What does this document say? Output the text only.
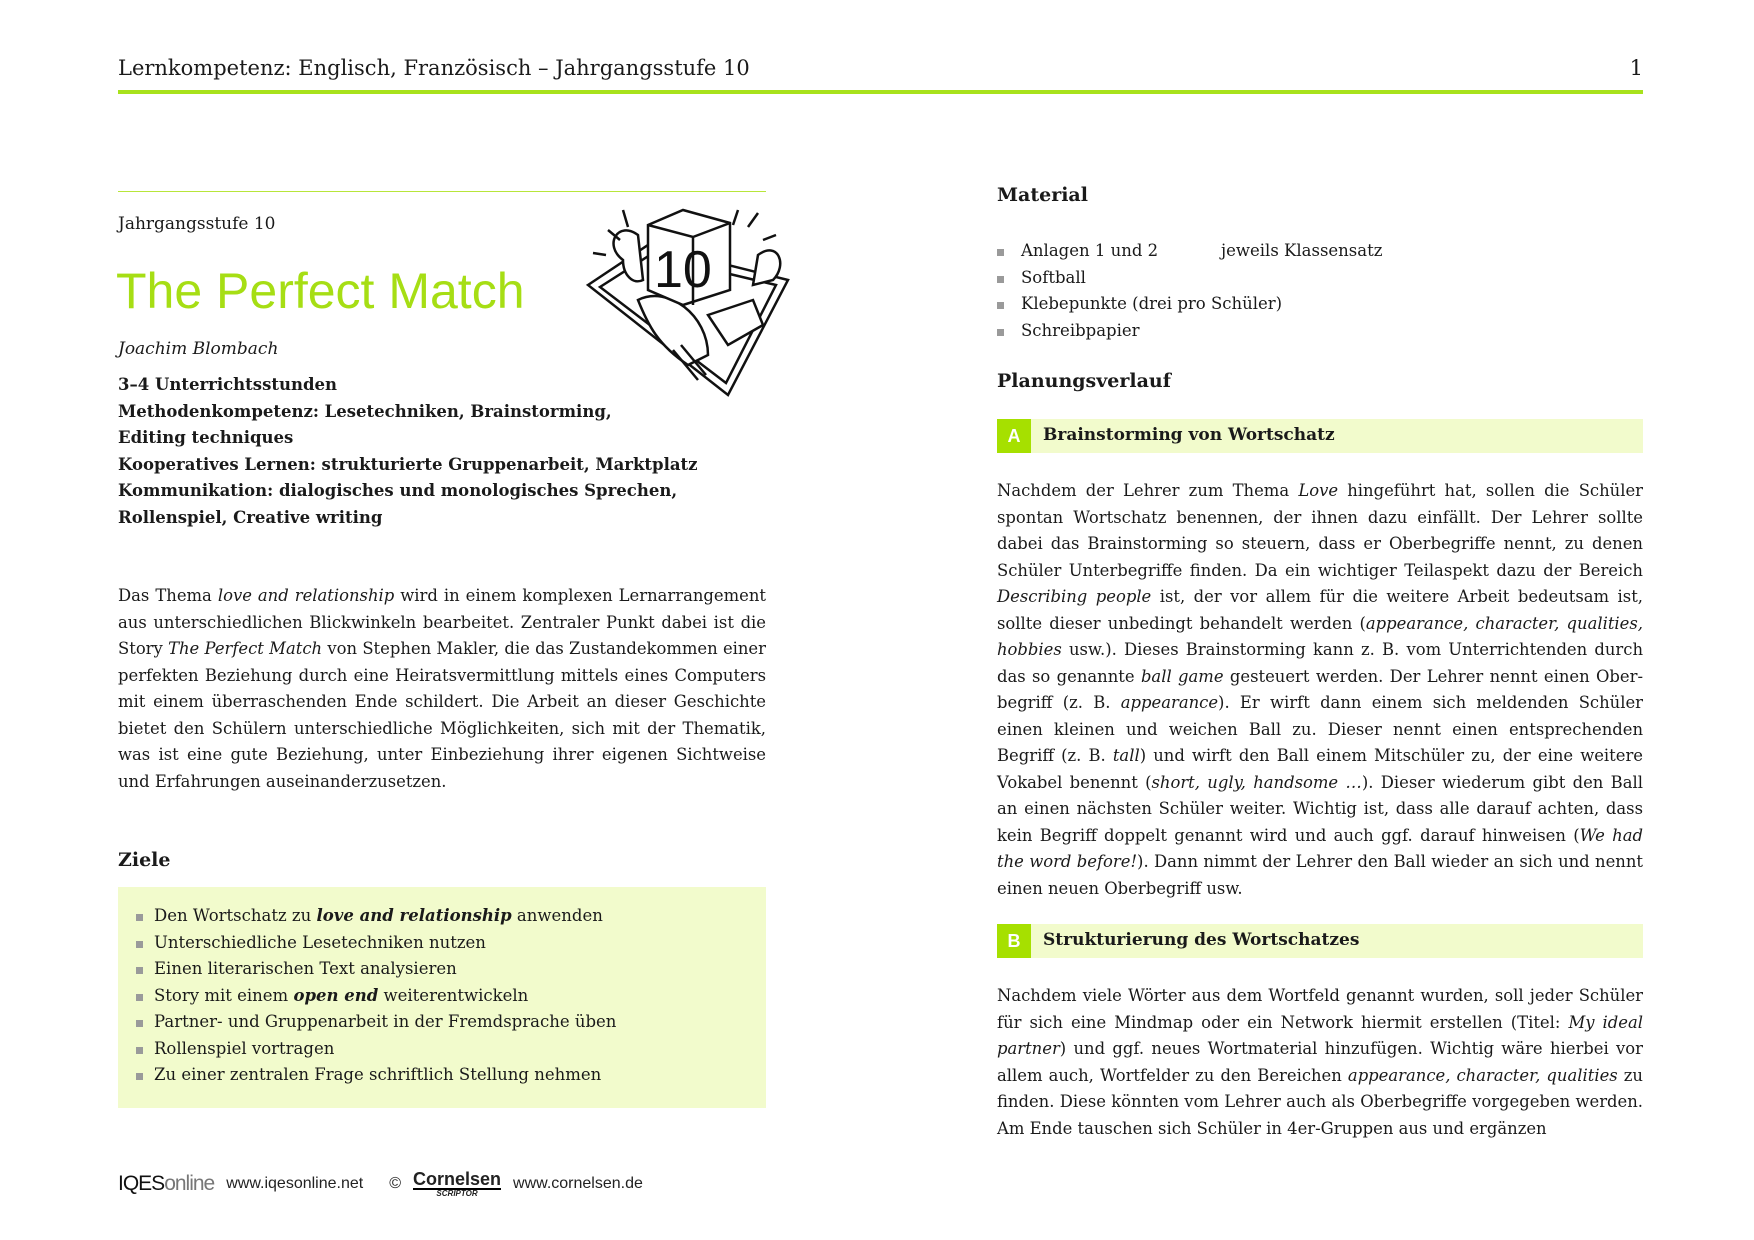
Lernkompetenz: Englisch, Französisch – Jahrgangsstufe 10	1
Jahrgangsstufe 10
The Perfect Match
Joachim Blombach
10
3–4 Unterrichtsstunden
Methodenkompetenz: Lesetechniken, Brainstorming,
Editing techniques
Kooperatives Lernen: strukturierte Gruppenarbeit, Marktplatz
Kommunikation: dialogisches und monologisches Sprechen,
Rollenspiel, Creative writing
Das Thema love and relationship wird in einem komplexen Lernarrangement aus unterschiedlichen Blickwinkeln bearbeitet. Zentraler Punkt dabei ist die Story The Perfect Match von Stephen Makler, die das Zustandekommen einer perfekten Beziehung durch eine Heiratsvermittlung mittels eines Computers mit einem überraschenden Ende schildert. Die Arbeit an dieser Geschichte bietet den Schülern unterschiedliche Möglichkeiten, sich mit der Thematik, was ist eine gute Beziehung, unter Einbeziehung ihrer eigenen Sichtweise und Erfahrungen auseinanderzusetzen.
Ziele
Den Wortschatz zu love and relationship anwenden
Unterschiedliche Lesetechniken nutzen
Einen literarischen Text analysieren
Story mit einem open end weiterentwickeln
Partner- und Gruppenarbeit in der Fremdsprache üben
Rollenspiel vortragen
Zu einer zentralen Frage schriftlich Stellung nehmen
Material
Anlagen 1 und 2	jeweils Klassensatz
Softball
Klebepunkte (drei pro Schüler)
Schreibpapier
Planungsverlauf
A	Brainstorming von Wortschatz
Nachdem der Lehrer zum Thema Love hingeführt hat, sollen die Schüler spontan Wortschatz benennen, der ihnen dazu einfällt. Der Lehrer sollte dabei das Brainstorming so steuern, dass er Oberbegriffe nennt, zu denen Schüler Unterbegriffe finden. Da ein wichtiger Teilaspekt dazu der Bereich Describing people ist, der vor allem für die weitere Arbeit bedeutsam ist, sollte dieser unbedingt behandelt werden (appearance, character, qualities, hobbies usw.). Dieses Brainstorming kann z. B. vom Unterrichtenden durch das so genannte ball game gesteuert werden. Der Lehrer nennt einen Oberbegriff (z. B. appearance). Er wirft dann einem sich meldenden Schüler einen kleinen und weichen Ball zu. Dieser nennt einen entsprechenden Begriff (z. B. tall) und wirft den Ball einem Mitschüler zu, der eine weitere Vokabel benennt (short, ugly, handsome …). Dieser wiederum gibt den Ball an einen nächsten Schüler weiter. Wichtig ist, dass alle darauf achten, dass kein Begriff doppelt genannt wird und auch ggf. darauf hinweisen (We had the word before!). Dann nimmt der Lehrer den Ball wieder an sich und nennt einen neuen Oberbegriff usw.
B	Strukturierung des Wortschatzes
Nachdem viele Wörter aus dem Wortfeld genannt wurden, soll jeder Schüler für sich eine Mindmap oder ein Network hiermit erstellen (Titel: My ideal partner) und ggf. neues Wortmaterial hinzufügen. Wichtig wäre hierbei vor allem auch, Wortfelder zu den Bereichen appearance, character, qualities zu finden. Diese könnten vom Lehrer auch als Oberbegriffe vorgegeben werden. Am Ende tauschen sich Schüler in 4er-Gruppen aus und ergänzen
IQESonline www.iqesonline.net © Cornelsen
SCRIPTOR
www.cornelsen.de
